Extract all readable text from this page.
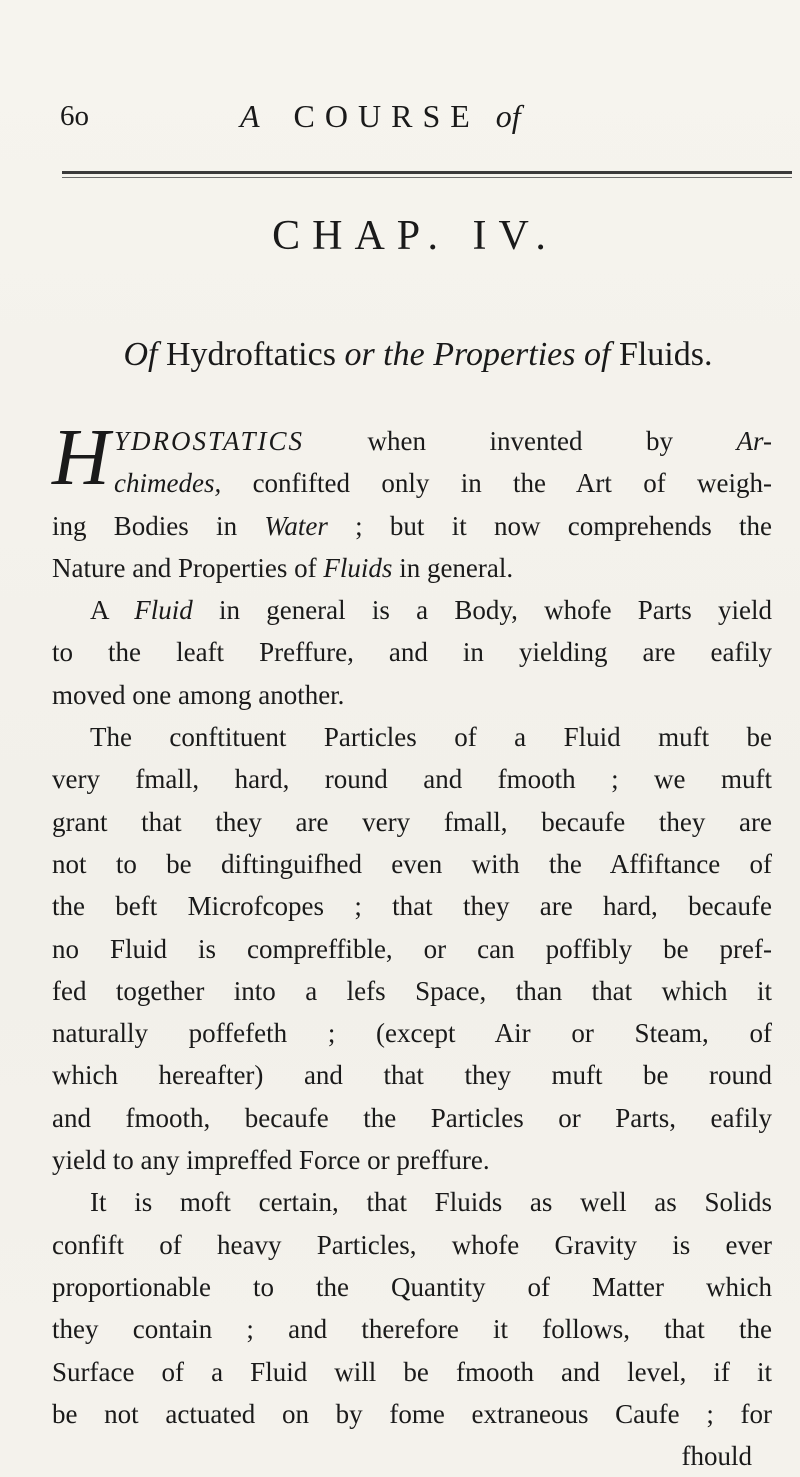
6o	A COURSE of
CHAP. IV.
Of Hydroftatics or the Properties of Fluids.
H YDROSTATICS when invented by Ar-
chimedes, confifted only in the Art of weigh-
ing Bodies in Water ; but it now comprehends the
Nature and Properties of Fluids in general.
A Fluid in general is a Body, whofe Parts yield
to the leaft Preffure, and in yielding are eafily
moved one among another.
The conftituent Particles of a Fluid muft be
very fmall, hard, round and fmooth ; we muft
grant that they are very fmall, becaufe they are
not to be diftinguifhed even with the Affiftance of
the beft Microfcopes ; that they are hard, becaufe
no Fluid is compreffible, or can poffibly be pref-
fed together into a lefs Space, than that which it
naturally poffefeth ; (except Air or Steam, of
which hereafter) and that they muft be round
and fmooth, becaufe the Particles or Parts, eafily
yield to any impreffed Force or preffure.
It is moft certain, that Fluids as well as Solids
confift of heavy Particles, whofe Gravity is ever
proportionable to the Quantity of Matter which
they contain ; and therefore it follows, that the
Surface of a Fluid will be fmooth and level, if it
be not actuated on by fome extraneous Caufe ; for
fhould
